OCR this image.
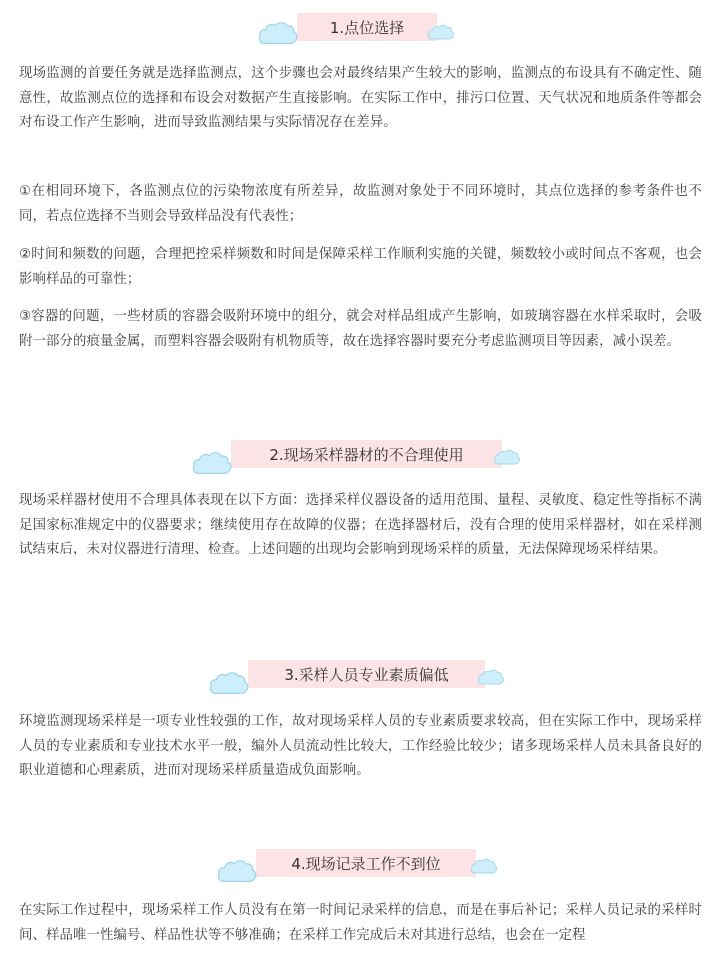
1.点位选择

现场监测的首要任务就是选择监测点，这个步骤也会对最终结果产生较大的影响，监测点的布设具有不确定性、随意性，故监测点位的选择和布设会对数据产生直接影响。在实际工作中，排污口位置、天气状况和地质条件等都会对布设工作产生影响，进而导致监测结果与实际情况存在差异。

①在相同环境下，各监测点位的污染物浓度有所差异，故监测对象处于不同环境时，其点位选择的参考条件也不同，若点位选择不当则会导致样品没有代表性；

②时间和频数的问题，合理把控采样频数和时间是保障采样工作顺利实施的关键，频数较小或时间点不客观，也会影响样品的可靠性；

③容器的问题，一些材质的容器会吸附环境中的组分，就会对样品组成产生影响，如玻璃容器在水样采取时，会吸附一部分的痕量金属，而塑料容器会吸附有机物质等，故在选择容器时要充分考虑监测项目等因素，减小误差。

2.现场采样器材的不合理使用

现场采样器材使用不合理具体表现在以下方面：选择采样仪器设备的适用范围、量程、灵敏度、稳定性等指标不满足国家标准规定中的仪器要求；继续使用存在故障的仪器；在选择器材后，没有合理的使用采样器材，如在采样测试结束后，未对仪器进行清理、检查。上述问题的出现均会影响到现场采样的质量，无法保障现场采样结果。

3.采样人员专业素质偏低

环境监测现场采样是一项专业性较强的工作，故对现场采样人员的专业素质要求较高，但在实际工作中，现场采样人员的专业素质和专业技术水平一般，编外人员流动性比较大，工作经验比较少；诸多现场采样人员未具备良好的职业道德和心理素质，进而对现场采样质量造成负面影响。

4.现场记录工作不到位

在实际工作过程中，现场采样工作人员没有在第一时间记录采样的信息，而是在事后补记；采样人员记录的采样时间、样品唯一性编号、样品性状等不够准确；在采样工作完成后未对其进行总结，也会在一定程
